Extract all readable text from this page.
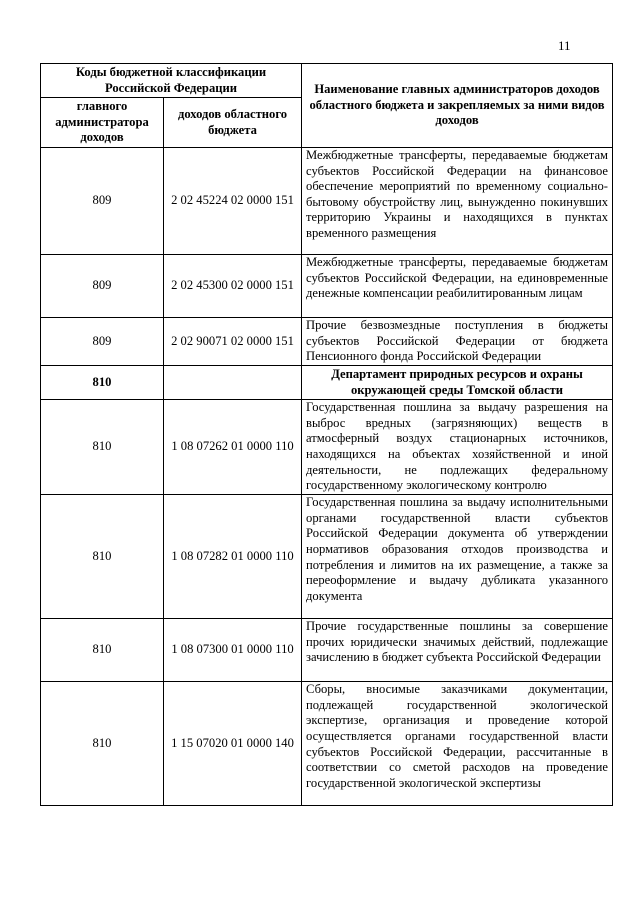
11
Коды бюджетной классификации Российской Федерации		Наименование главных администраторов доходов областного бюджета и закрепляемых за ними видов доходов
главного администратора доходов	доходов областного бюджета	
809	2 02 45224 02 0000 151	Межбюджетные трансферты, передаваемые бюджетам субъектов Российской Федерации на финансовое обеспечение мероприятий по временному социально-бытовому обустройству лиц, вынужденно покинувших территорию Украины и находящихся в пунктах временного размещения
809	2 02 45300 02 0000 151	Межбюджетные трансферты, передаваемые бюджетам субъектов Российской Федерации, на единовременные денежные компенсации реабилитированным лицам
809	2 02 90071 02 0000 151	Прочие безвозмездные поступления в бюджеты субъектов Российской Федерации от бюджета Пенсионного фонда Российской Федерации
810		Департамент природных ресурсов и охраны окружающей среды Томской области
810	1 08 07262 01 0000 110	Государственная пошлина за выдачу разрешения на выброс вредных (загрязняющих) веществ в атмосферный воздух стационарных источников, находящихся на объектах хозяйственной и иной деятельности, не подлежащих федеральному государственному экологическому контролю
810	1 08 07282 01 0000 110	Государственная пошлина за выдачу исполнительными органами государственной власти субъектов Российской Федерации документа об утверждении нормативов образования отходов производства и потребления и лимитов на их размещение, а также за переоформление и выдачу дубликата указанного документа
810	1 08 07300 01 0000 110	Прочие государственные пошлины за совершение прочих юридически значимых действий, подлежащие зачислению в бюджет субъекта Российской Федерации
810	1 15 07020 01 0000 140	Сборы, вносимые заказчиками документации, подлежащей государственной экологической экспертизе, организация и проведение которой осуществляется органами государственной власти субъектов Российской Федерации, рассчитанные в соответствии со сметой расходов на проведение государственной экологической экспертизы
